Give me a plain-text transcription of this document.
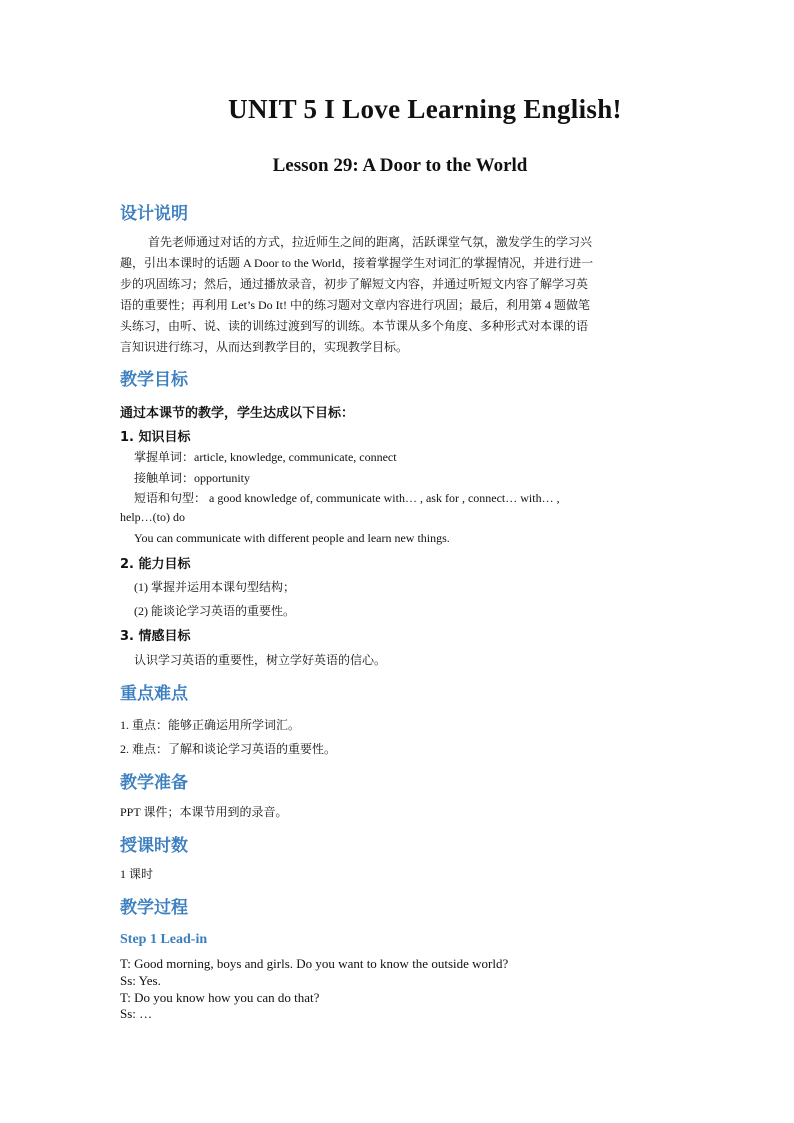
UNIT 5 I Love Learning English!
Lesson 29: A Door to the World
设计说明
首先老师通过对话的方式，拉近师生之间的距离，活跃课堂气氛，激发学生的学习兴
趣，引出本课时的话题 A Door to the World，接着掌握学生对词汇的掌握情况，并进行进一
步的巩固练习；然后，通过播放录音，初步了解短文内容，并通过听短文内容了解学习英
语的重要性；再利用 Let’s Do It! 中的练习题对文章内容进行巩固；最后，利用第 4 题做笔
头练习，由听、说、读的训练过渡到写的训练。本节课从多个角度、多种形式对本课的语
言知识进行练习，从而达到教学目的，实现教学目标。
教学目标
通过本课节的教学，学生达成以下目标：
1. 知识目标
掌握单词：article, knowledge, communicate, connect
接触单词：opportunity
短语和句型： a good knowledge of, communicate with… , ask for , connect… with… ,
help…(to) do
You can communicate with different people and learn new things.
2. 能力目标
(1) 掌握并运用本课句型结构；
(2) 能谈论学习英语的重要性。
3. 情感目标
认识学习英语的重要性，树立学好英语的信心。
重点难点
1. 重点：能够正确运用所学词汇。
2. 难点：了解和谈论学习英语的重要性。
教学准备
PPT 课件；本课节用到的录音。
授课时数
1 课时
教学过程
Step 1 Lead-in
T: Good morning, boys and girls. Do you want to know the outside world?
Ss: Yes.
T: Do you know how you can do that?
Ss: …
